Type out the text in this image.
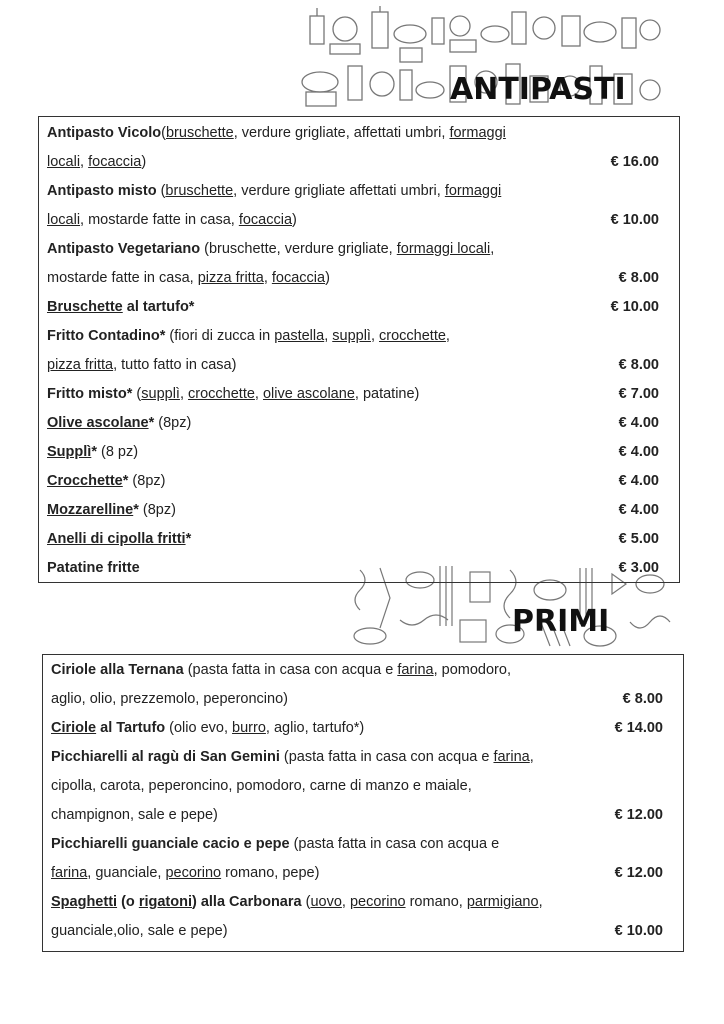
ANTIPASTI
PRIMI
Antipasto Vicolo(bruschette, verdure grigliate, affettati umbri, formaggi
locali, focaccia)	€ 16.00
Antipasto misto (bruschette, verdure grigliate affettati umbri, formaggi
locali, mostarde fatte in casa, focaccia)	€ 10.00
Antipasto Vegetariano (bruschette, verdure grigliate, formaggi locali,
mostarde fatte in casa, pizza fritta, focaccia)	€ 8.00
Bruschette al tartufo*	€ 10.00
Fritto Contadino* (fiori di zucca in pastella, supplì, crocchette,
pizza fritta, tutto fatto in casa)	€ 8.00
Fritto misto* (supplì, crocchette, olive ascolane, patatine)	€ 7.00
Olive ascolane* (8pz)	€ 4.00
Supplì* (8 pz)	€ 4.00
Crocchette* (8pz)	€ 4.00
Mozzarelline* (8pz)	€ 4.00
Anelli di cipolla fritti*	€ 5.00
Patatine fritte	€ 3.00
Ciriole alla Ternana (pasta fatta in casa con acqua e farina, pomodoro,
aglio, olio, prezzemolo, peperoncino)	€ 8.00
Ciriole al Tartufo (olio evo, burro, aglio, tartufo*)	€ 14.00
Picchiarelli al ragù di San Gemini (pasta fatta in casa con acqua e farina,
cipolla, carota, peperoncino, pomodoro, carne di manzo e maiale,
champignon, sale e pepe)	€ 12.00
Picchiarelli guanciale cacio e pepe (pasta fatta in casa con acqua e
farina, guanciale, pecorino romano, pepe)	€ 12.00
Spaghetti (o rigatoni) alla Carbonara (uovo, pecorino romano, parmigiano,
guanciale,olio, sale e pepe)	€ 10.00
